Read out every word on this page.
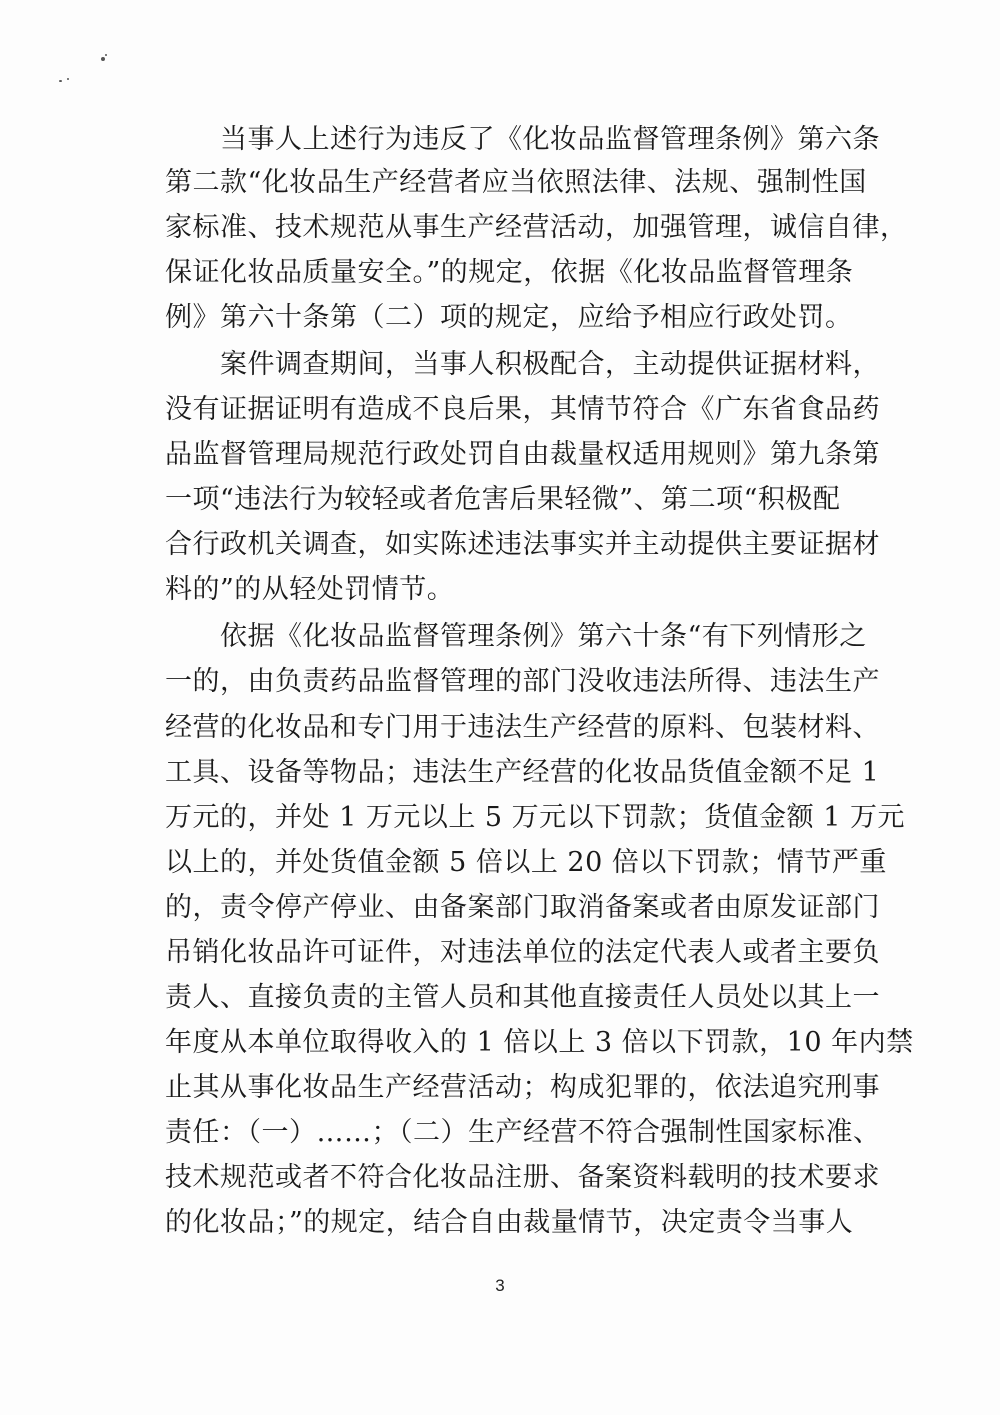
　　当事人上述行为违反了《化妆品监督管理条例》第六条
第二款“化妆品生产经营者应当依照法律、法规、强制性国
家标准、技术规范从事生产经营活动，加强管理，诚信自律，
保证化妆品质量安全。”的规定，依据《化妆品监督管理条
例》第六十条第（二）项的规定，应给予相应行政处罚。
　　案件调查期间，当事人积极配合，主动提供证据材料，
没有证据证明有造成不良后果，其情节符合《广东省食品药
品监督管理局规范行政处罚自由裁量权适用规则》第九条第
一项“违法行为较轻或者危害后果轻微”、第二项“积极配
合行政机关调查，如实陈述违法事实并主动提供主要证据材
料的”的从轻处罚情节。
　　依据《化妆品监督管理条例》第六十条“有下列情形之
一的，由负责药品监督管理的部门没收违法所得、违法生产
经营的化妆品和专门用于违法生产经营的原料、包装材料、
工具、设备等物品；违法生产经营的化妆品货值金额不足 1
万元的，并处 1 万元以上 5 万元以下罚款；货值金额 1 万元
以上的，并处货值金额 5 倍以上 20 倍以下罚款；情节严重
的，责令停产停业、由备案部门取消备案或者由原发证部门
吊销化妆品许可证件，对违法单位的法定代表人或者主要负
责人、直接负责的主管人员和其他直接责任人员处以其上一
年度从本单位取得收入的 1 倍以上 3 倍以下罚款，10 年内禁
止其从事化妆品生产经营活动；构成犯罪的，依法追究刑事
责任：（一）……；（二）生产经营不符合强制性国家标准、
技术规范或者不符合化妆品注册、备案资料载明的技术要求
的化妆品；”的规定，结合自由裁量情节，决定责令当事人
3
